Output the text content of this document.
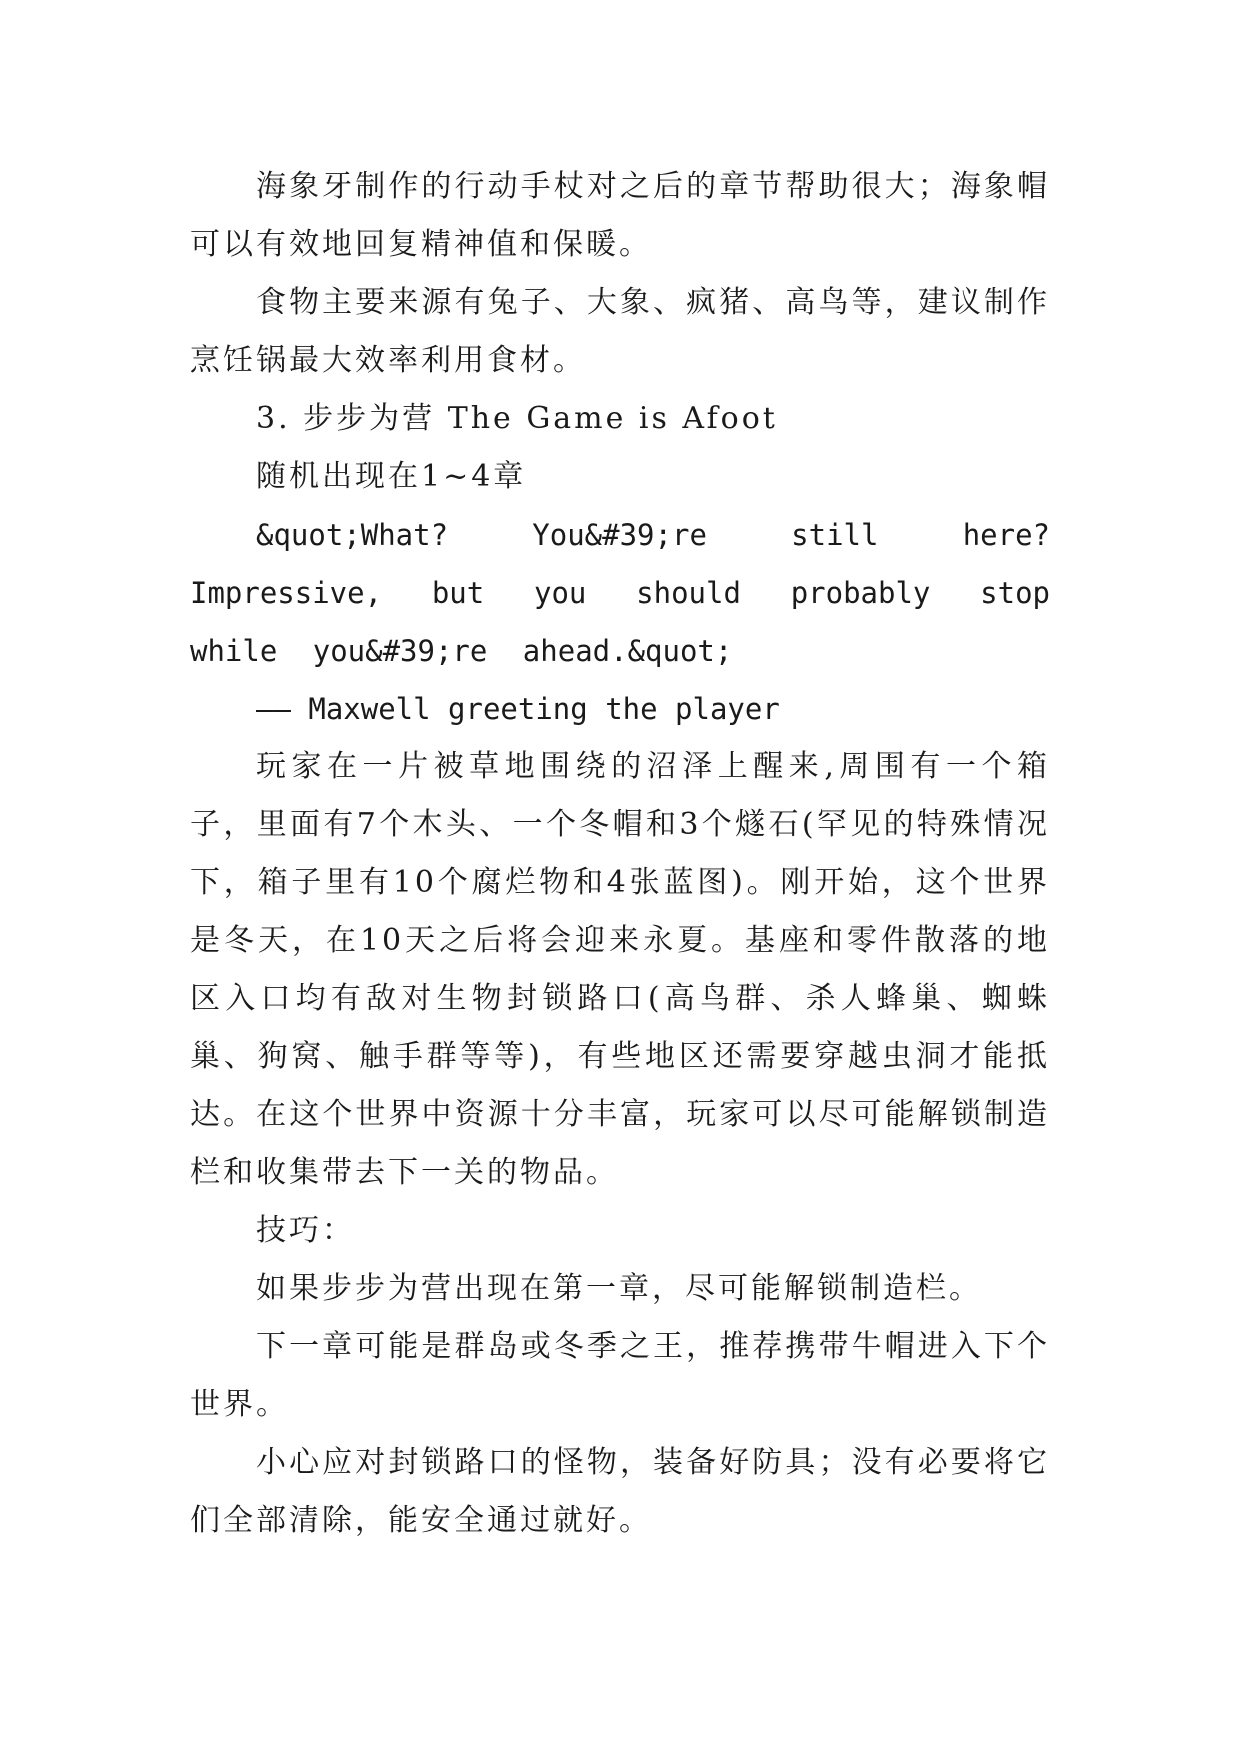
海象牙制作的行动手杖对之后的章节帮助很大；海象帽可以有效地回复精神值和保暖。

食物主要来源有兔子、大象、疯猪、高鸟等，建议制作烹饪锅最大效率利用食材。

3. 步步为营 The Game is Afoot

随机出现在1~4章

&quot;What? You&#39;re still here? Impressive, but you should probably stop while you&#39;re ahead.&quot;

—— Maxwell greeting the player

玩家在一片被草地围绕的沼泽上醒来,周围有一个箱子，里面有7个木头、一个冬帽和3个燧石(罕见的特殊情况下，箱子里有10个腐烂物和4张蓝图)。刚开始，这个世界是冬天，在10天之后将会迎来永夏。基座和零件散落的地区入口均有敌对生物封锁路口(高鸟群、杀人蜂巢、蜘蛛巢、狗窝、触手群等等)，有些地区还需要穿越虫洞才能抵达。在这个世界中资源十分丰富，玩家可以尽可能解锁制造栏和收集带去下一关的物品。

技巧：

如果步步为营出现在第一章，尽可能解锁制造栏。

下一章可能是群岛或冬季之王，推荐携带牛帽进入下个世界。

小心应对封锁路口的怪物，装备好防具；没有必要将它们全部清除，能安全通过就好。
